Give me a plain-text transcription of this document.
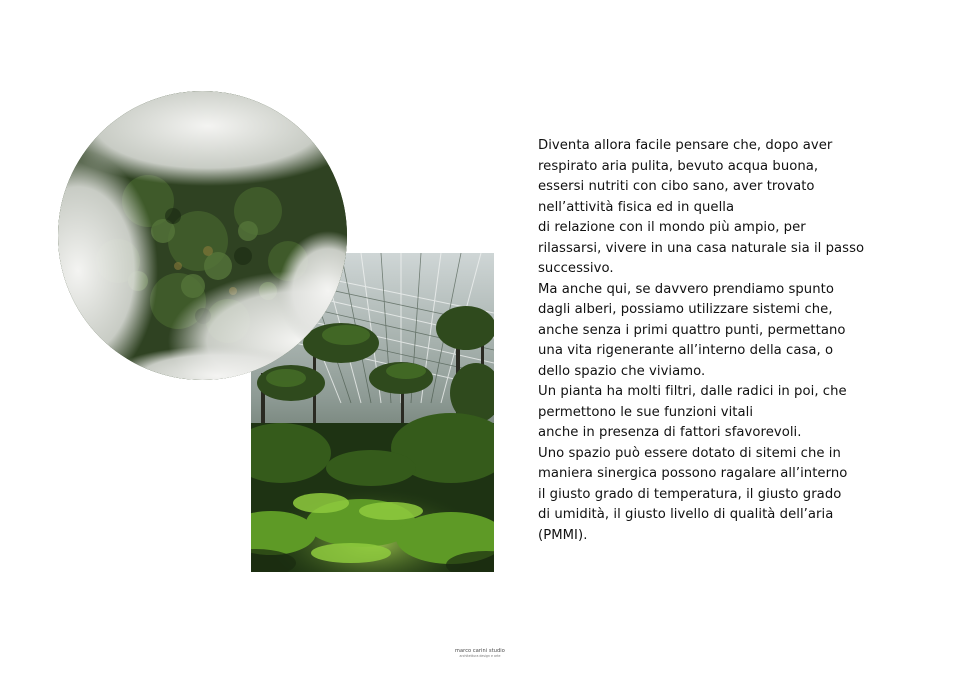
Diventa allora facile pensare che, dopo aver
respirato aria pulita, bevuto acqua buona,
essersi nutriti con cibo sano, aver trovato
nell’attività fisica ed in quella
di relazione con il mondo più ampio, per
rilassarsi, vivere in una casa naturale sia il passo
successivo.
Ma anche qui, se davvero prendiamo spunto
dagli alberi, possiamo utilizzare sistemi che,
anche senza i primi quattro punti, permettano
una vita rigenerante all’interno della casa, o
dello spazio che viviamo.
Un pianta ha molti filtri, dalle radici in poi, che
permettono le sue funzioni vitali
anche in presenza di fattori sfavorevoli.
Uno spazio può essere dotato di sitemi che in
maniera sinergica possono ragalare all’interno
il giusto grado di temperatura, il giusto grado
di umidità, il giusto livello di qualità dell’aria
(PMMI).
marco carini studio
architettura design e arte
